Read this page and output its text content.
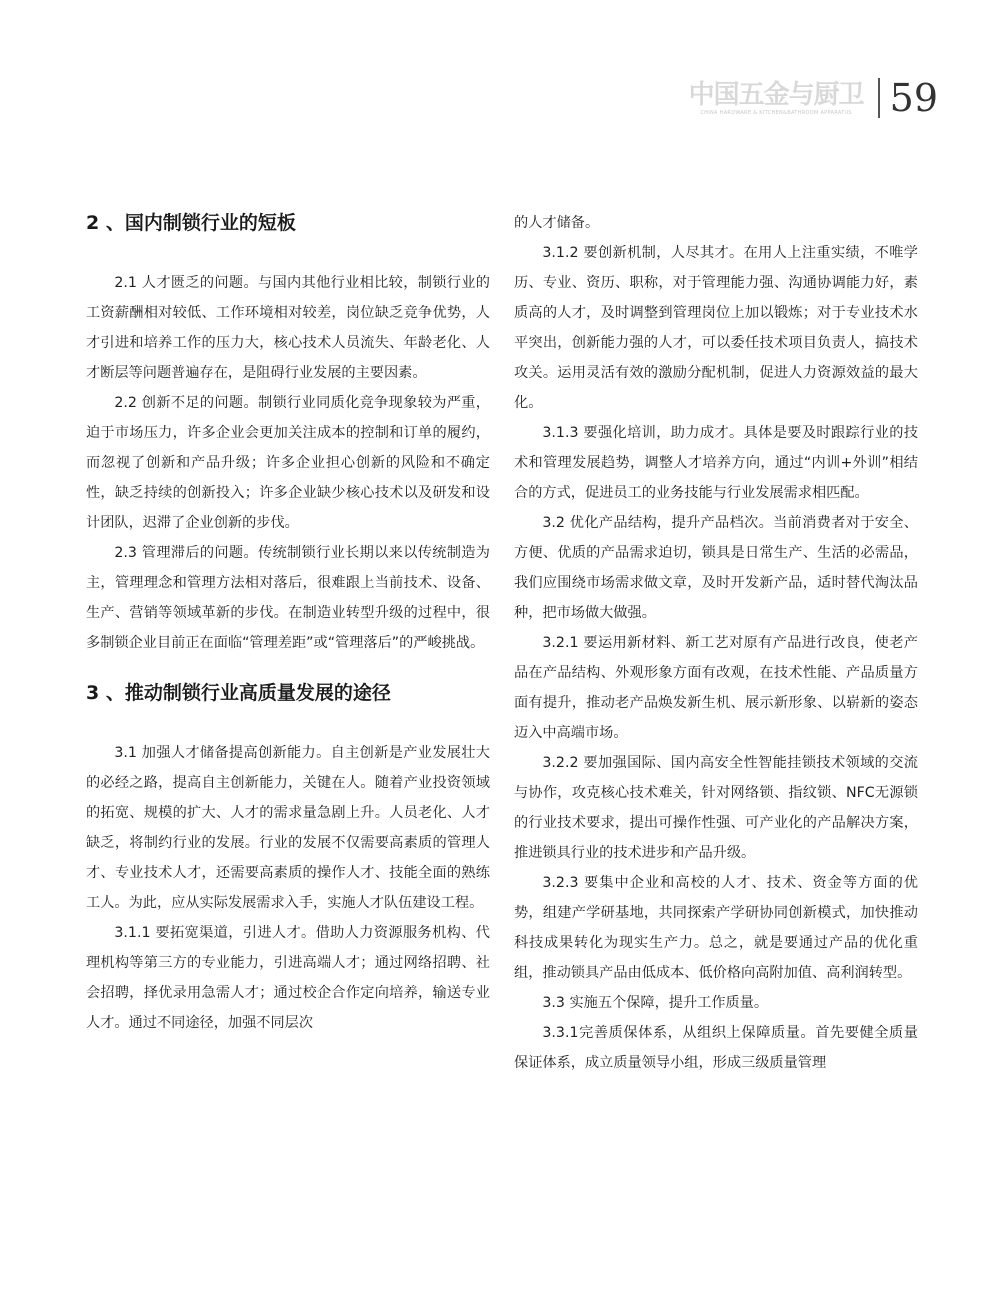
中国五金与厨卫
CHINA HARDWARE & KITCHEN&BATHROOM APPARATUS 59
2 、国内制锁行业的短板

2.1 人才匮乏的问题。与国内其他行业相比较，制锁行业的工资薪酬相对较低、工作环境相对较差，岗位缺乏竞争优势，人才引进和培养工作的压力大，核心技术人员流失、年龄老化、人才断层等问题普遍存在，是阻碍行业发展的主要因素。

2.2 创新不足的问题。制锁行业同质化竞争现象较为严重，迫于市场压力，许多企业会更加关注成本的控制和订单的履约，而忽视了创新和产品升级；许多企业担心创新的风险和不确定性，缺乏持续的创新投入；许多企业缺少核心技术以及研发和设计团队，迟滞了企业创新的步伐。

2.3 管理滞后的问题。传统制锁行业长期以来以传统制造为主，管理理念和管理方法相对落后，很难跟上当前技术、设备、生产、营销等领域革新的步伐。在制造业转型升级的过程中，很多制锁企业目前正在面临“管理差距”或“管理落后”的严峻挑战。

3 、推动制锁行业高质量发展的途径

3.1 加强人才储备提高创新能力。自主创新是产业发展壮大的必经之路，提高自主创新能力，关键在人。随着产业投资领域的拓宽、规模的扩大、人才的需求量急剧上升。人员老化、人才缺乏，将制约行业的发展。行业的发展不仅需要高素质的管理人才、专业技术人才，还需要高素质的操作人才、技能全面的熟练工人。为此，应从实际发展需求入手，实施人才队伍建设工程。

3.1.1 要拓宽渠道，引进人才。借助人力资源服务机构、代理机构等第三方的专业能力，引进高端人才；通过网络招聘、社会招聘，择优录用急需人才；通过校企合作定向培养，输送专业人才。通过不同途径，加强不同层次

的人才储备。

3.1.2 要创新机制，人尽其才。在用人上注重实绩，不唯学历、专业、资历、职称，对于管理能力强、沟通协调能力好，素质高的人才，及时调整到管理岗位上加以锻炼；对于专业技术水平突出，创新能力强的人才，可以委任技术项目负责人，搞技术攻关。运用灵活有效的激励分配机制，促进人力资源效益的最大化。

3.1.3 要强化培训，助力成才。具体是要及时跟踪行业的技术和管理发展趋势，调整人才培养方向，通过“内训+外训”相结合的方式，促进员工的业务技能与行业发展需求相匹配。

3.2 优化产品结构，提升产品档次。当前消费者对于安全、方便、优质的产品需求迫切，锁具是日常生产、生活的必需品，我们应围绕市场需求做文章，及时开发新产品，适时替代淘汰品种，把市场做大做强。

3.2.1 要运用新材料、新工艺对原有产品进行改良，使老产品在产品结构、外观形象方面有改观，在技术性能、产品质量方面有提升，推动老产品焕发新生机、展示新形象、以崭新的姿态迈入中高端市场。

3.2.2 要加强国际、国内高安全性智能挂锁技术领域的交流与协作，攻克核心技术难关，针对网络锁、指纹锁、NFC无源锁的行业技术要求，提出可操作性强、可产业化的产品解决方案，推进锁具行业的技术进步和产品升级。

3.2.3 要集中企业和高校的人才、技术、资金等方面的优势，组建产学研基地，共同探索产学研协同创新模式，加快推动科技成果转化为现实生产力。总之，就是要通过产品的优化重组，推动锁具产品由低成本、低价格向高附加值、高利润转型。

3.3 实施五个保障，提升工作质量。

3.3.1完善质保体系，从组织上保障质量。首先要健全质量保证体系，成立质量领导小组，形成三级质量管理
